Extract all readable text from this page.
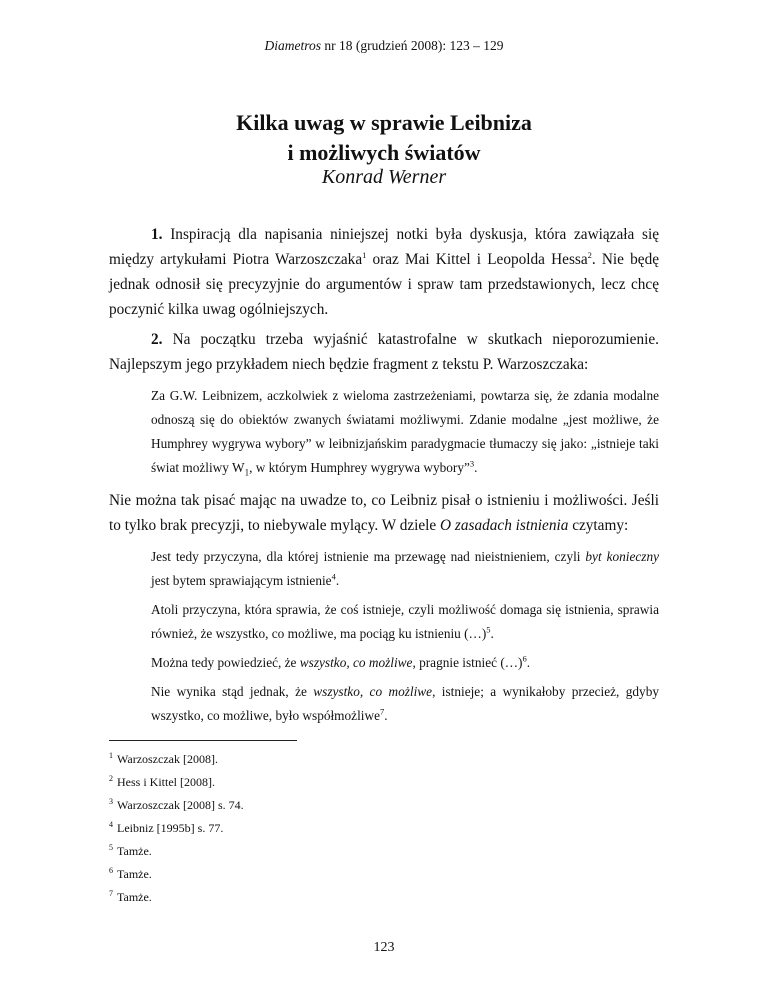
Diametros nr 18 (grudzień 2008): 123 – 129
Kilka uwag w sprawie Leibniza
i możliwych światów
Konrad Werner

1. Inspiracją dla napisania niniejszej notki była dyskusja, która zawiązała się między artykułami Piotra Warzoszczaka$^1$ oraz Mai Kittel i Leopolda Hessa$^2$. Nie będę jednak odnosił się precyzyjnie do argumentów i spraw tam przedstawionych, lecz chcę poczynić kilka uwag ogólniejszych.

2. Na początku trzeba wyjaśnić katastrofalne w skutkach nieporozumienie. Najlepszym jego przykładem niech będzie fragment z tekstu P. Warzoszczaka:

Za G.W. Leibnizem, aczkolwiek z wieloma zastrzeżeniami, powtarza się, że zdania modalne odnoszą się do obiektów zwanych światami możliwymi. Zdanie modalne „jest możliwe, że Humphrey wygrywa wybory” w leibnizjańskim paradygmacie tłumaczy się jako: „istnieje taki świat możliwy $W_1$, w którym Humphrey wygrywa wybory”$^3$.

Nie można tak pisać mając na uwadze to, co Leibniz pisał o istnieniu i możliwości. Jeśli to tylko brak precyzji, to niebywale mylący. W dziele O zasadach istnienia czytamy:

Jest tedy przyczyna, dla której istnienie ma przewagę nad nieistnieniem, czyli byt konieczny jest bytem sprawiającym istnienie$^4$.

Atoli przyczyna, która sprawia, że coś istnieje, czyli możliwość domaga się istnienia, sprawia również, że wszystko, co możliwe, ma pociąg ku istnieniu (…)$^5$.

Można tedy powiedzieć, że wszystko, co możliwe, pragnie istnieć (…)$^6$.

Nie wynika stąd jednak, że wszystko, co możliwe, istnieje; a wynikałoby przecież, gdyby wszystko, co możliwe, było współmożliwe$^7$.

$^1$ Warzoszczak [2008].
$^2$ Hess i Kittel [2008].
$^3$ Warzoszczak [2008] s. 74.
$^4$ Leibniz [1995b] s. 77.
$^5$ Tamże.
$^6$ Tamże.
$^7$ Tamże.
123
